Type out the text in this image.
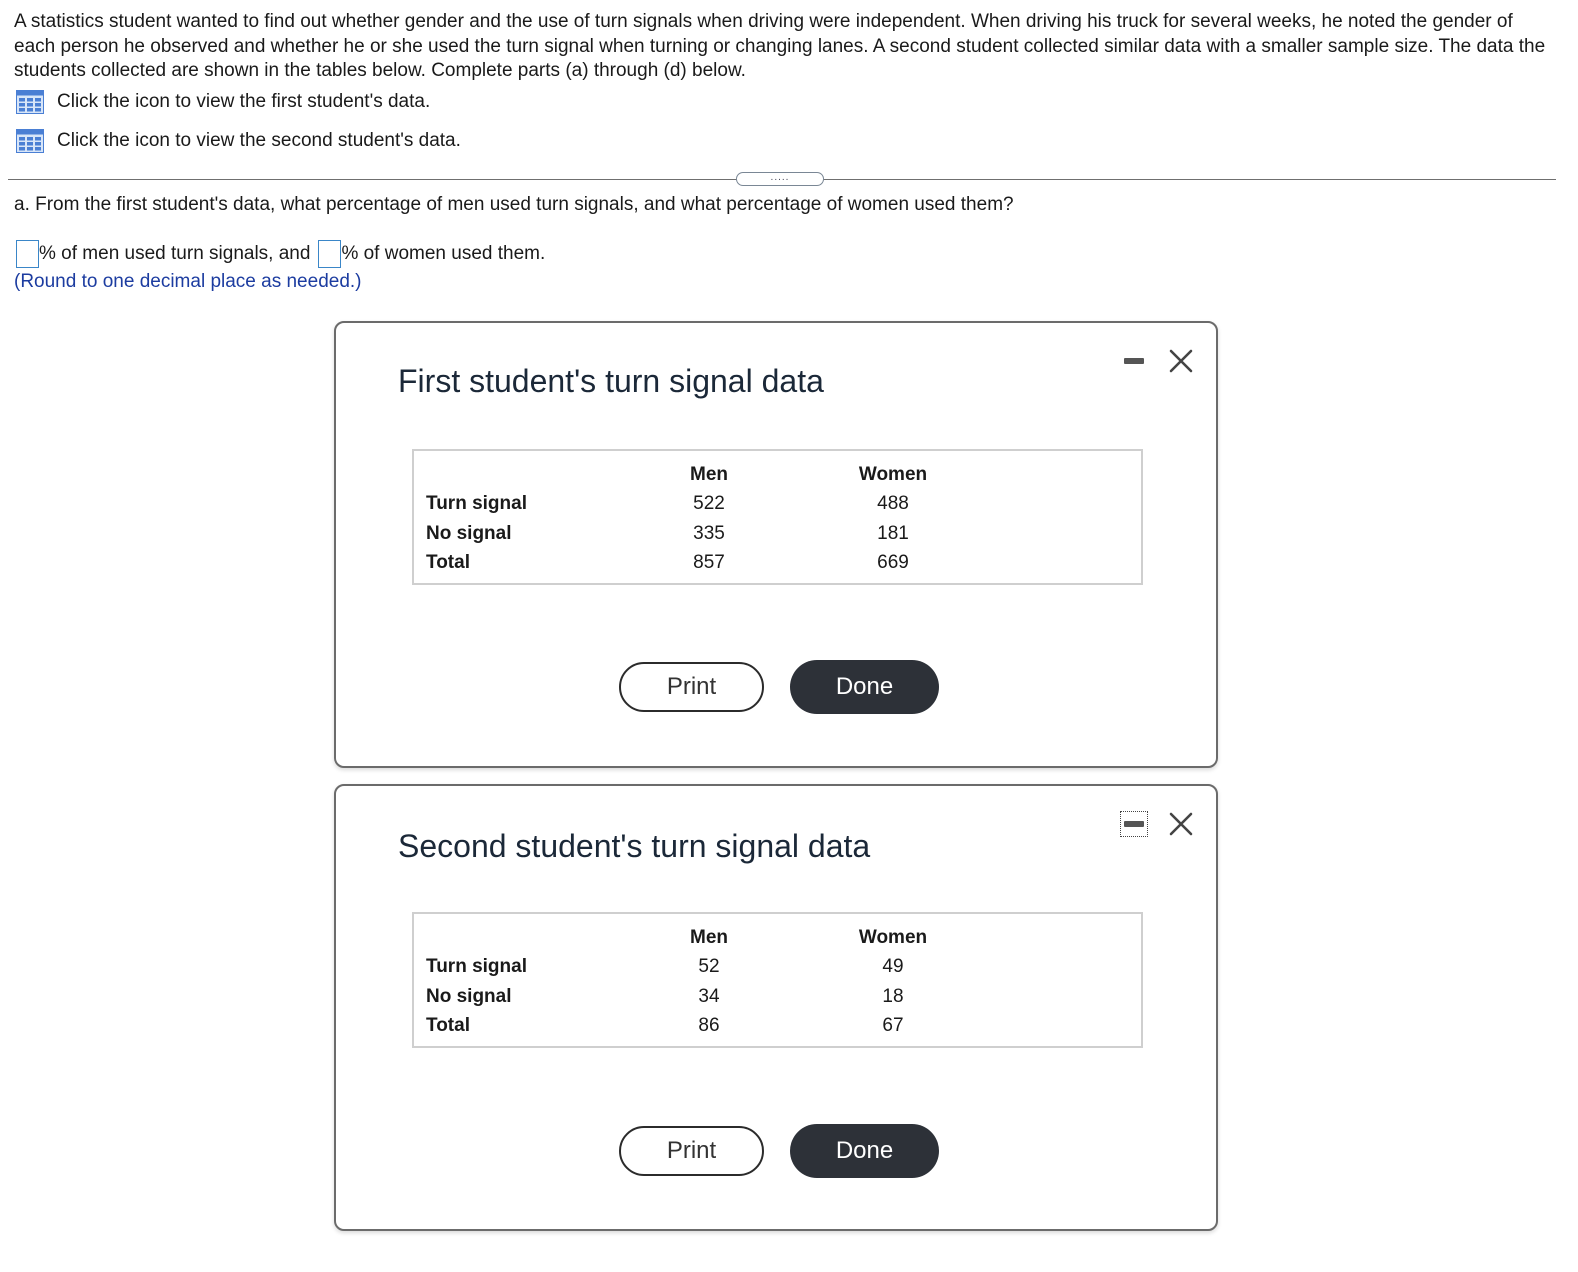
A statistics student wanted to find out whether gender and the use of turn signals when driving were independent. When driving his truck for several weeks, he noted the gender of each person he observed and whether he or she used the turn signal when turning or changing lanes. A second student collected similar data with a smaller sample size. The data the students collected are shown in the tables below. Complete parts (a) through (d) below.

Click the icon to view the first student's data.
Click the icon to view the second student's data.
.....

a. From the first student's data, what percentage of men used turn signals, and what percentage of women used them?

% of men used turn signals, and % of women used them.
(Round to one decimal place as needed.)
First student's turn signal data
	Men		Women
Turn signal	522		488
No signal	335		181
Total	857		669
Print	Done
Second student's turn signal data
	Men		Women
Turn signal	52		49
No signal	34		18
Total	86		67
Print	Done
